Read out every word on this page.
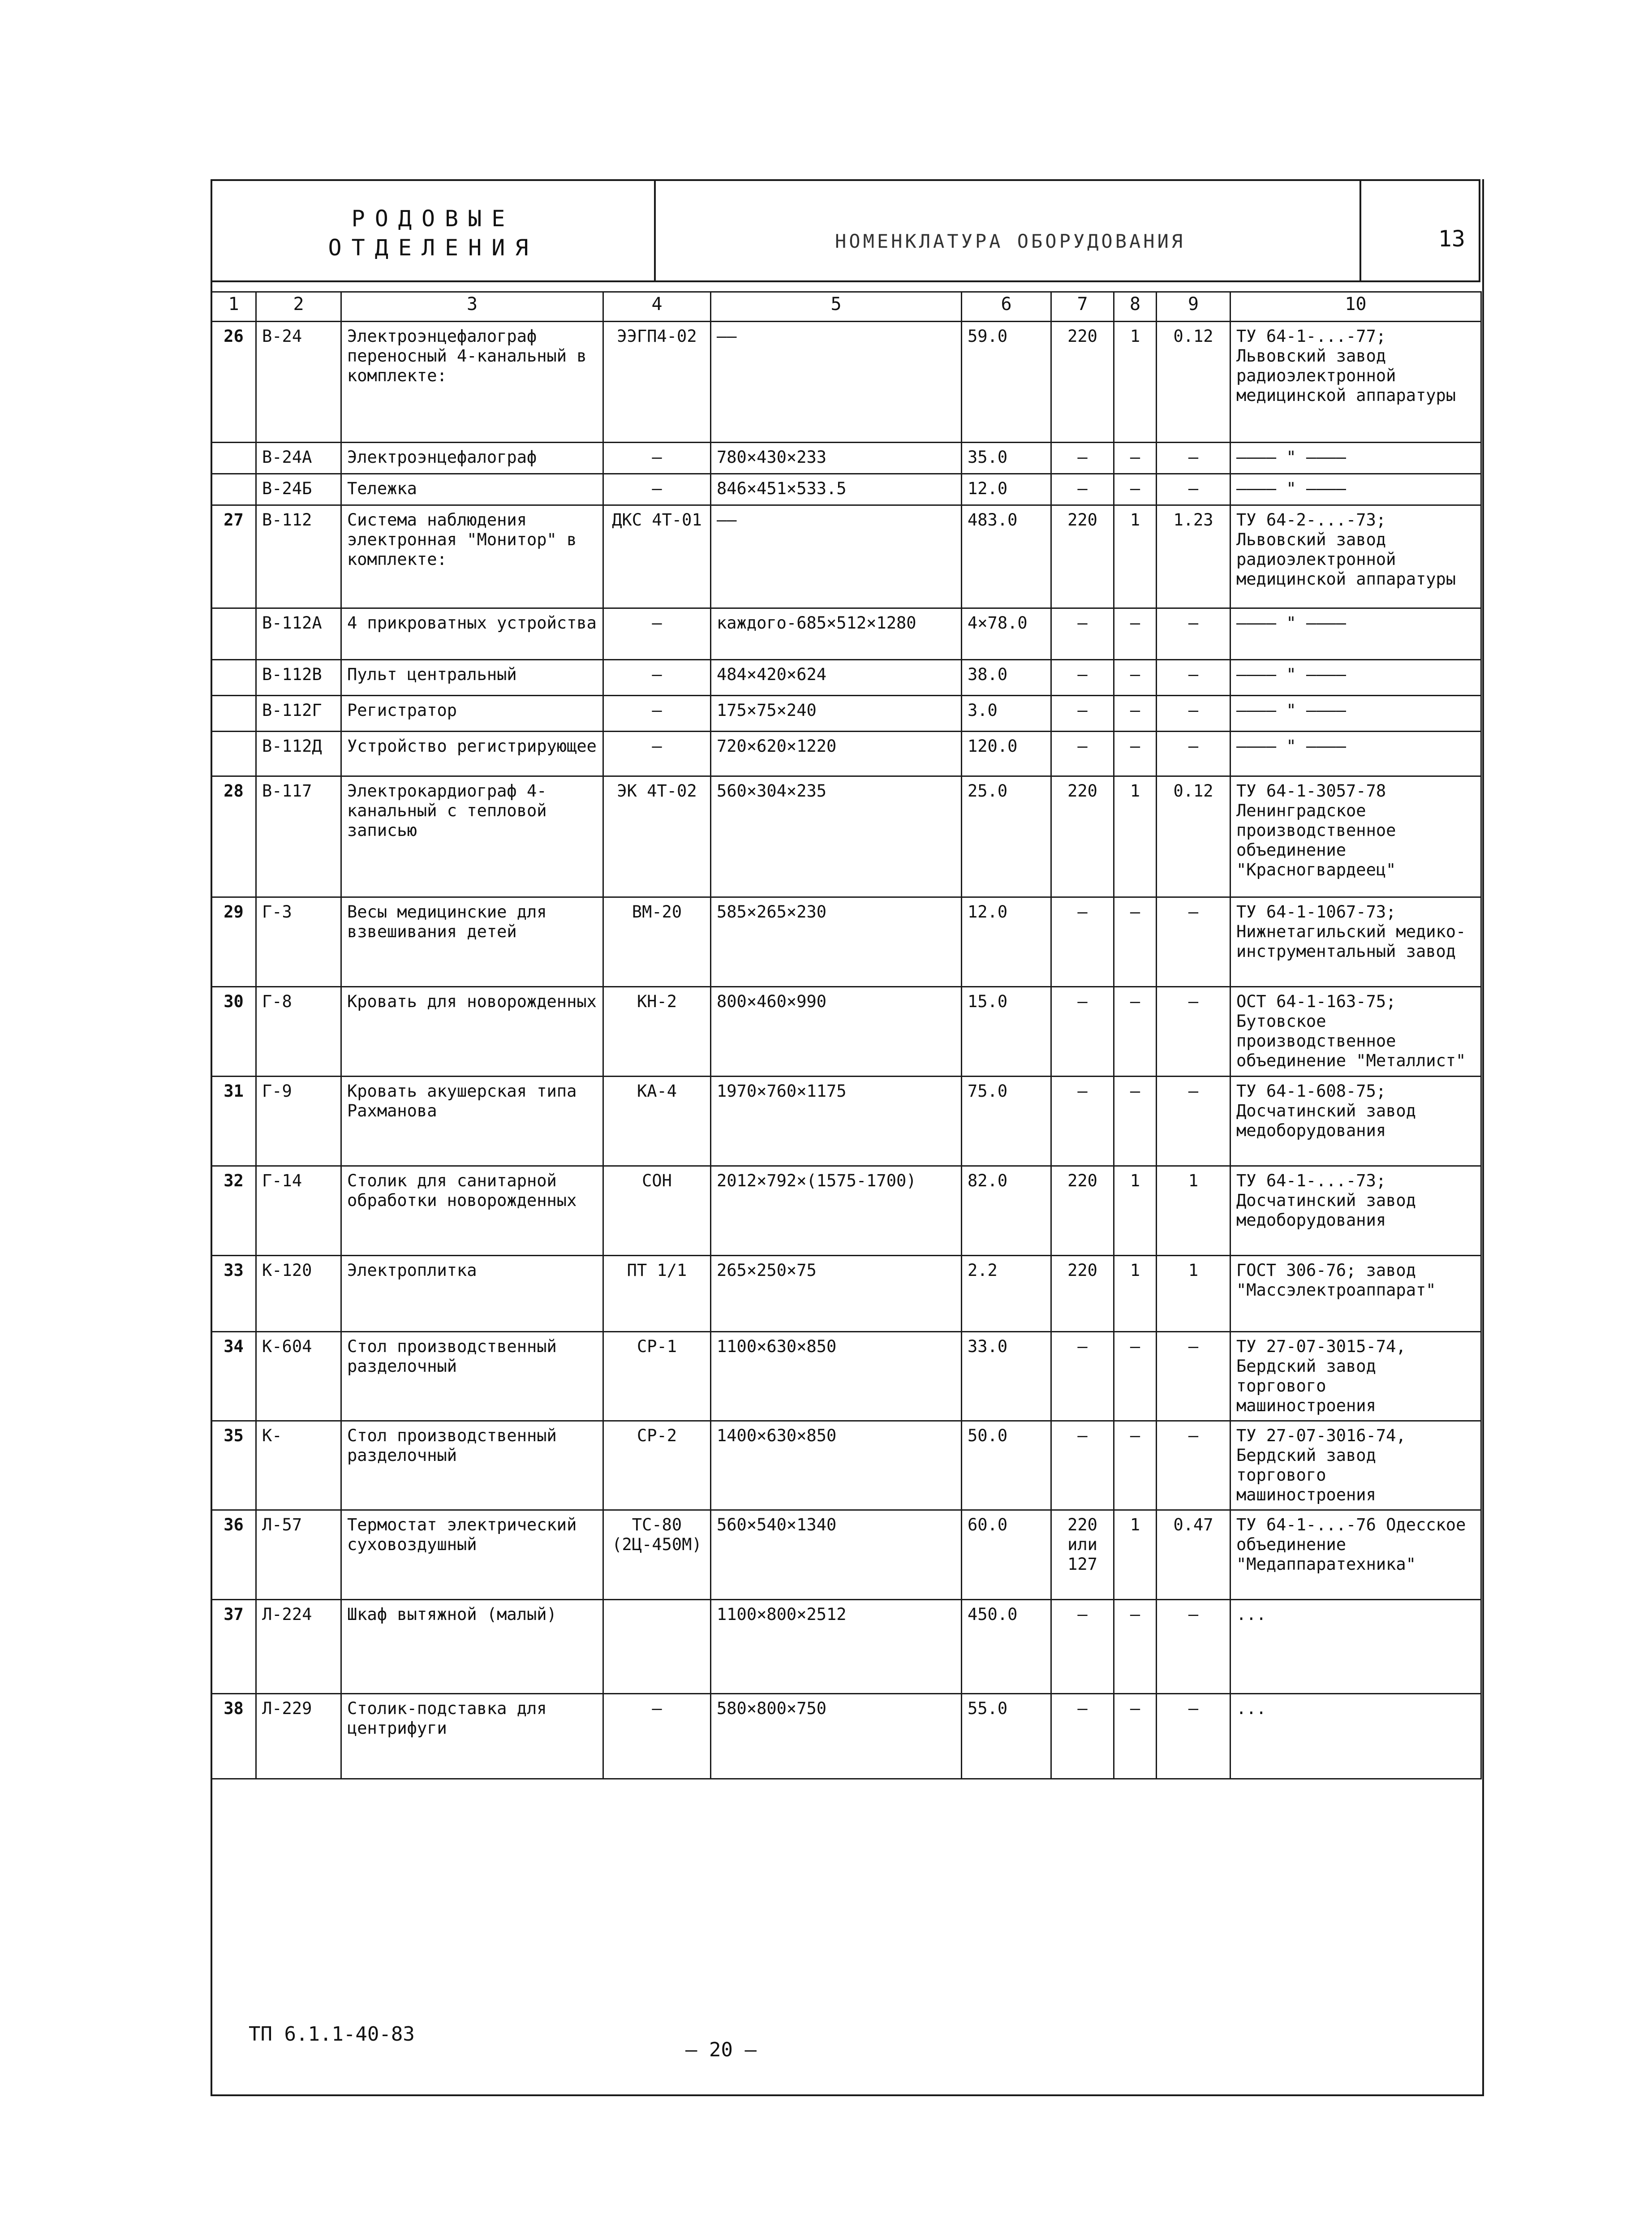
РОДОВЫЕ
ОТДЕЛЕНИЯ	НОМЕНКЛАТУРА ОБОРУДОВАНИЯ	13
1	2	3	4	5	6	7	8	9	10
26	В-24	Электроэнцефалограф переносный 4-канальный в комплекте:	ЭЭГП4-02	——	59.0	220	1	0.12	ТУ 64-1-...-77; Львовский завод радиоэлектронной медицинской аппаратуры
	В-24А	Электроэнцефалограф	—	780×430×233	35.0	—	—	—	———— " ————
	В-24Б	Тележка	—	846×451×533.5	12.0	—	—	—	———— " ————
27	В-112	Система наблюдения электронная "Монитор" в комплекте:	ДКС 4Т-01	——	483.0	220	1	1.23	ТУ 64-2-...-73; Львовский завод радиоэлектронной медицинской аппаратуры
	В-112А	4 прикроватных устройства	—	каждого-685×512×1280	4×78.0	—	—	—	———— " ————
	В-112В	Пульт центральный	—	484×420×624	38.0	—	—	—	———— " ————
	В-112Г	Регистратор	—	175×75×240	3.0	—	—	—	———— " ————
	В-112Д	Устройство регистрирующее	—	720×620×1220	120.0	—	—	—	———— " ————
28	В-117	Электрокардиограф 4-канальный с тепловой записью	ЭК 4Т-02	560×304×235	25.0	220	1	0.12	ТУ 64-1-3057-78 Ленинградское производственное объединение "Красногвардеец"
29	Г-3	Весы медицинские для взвешивания детей	ВМ-20	585×265×230	12.0	—	—	—	ТУ 64-1-1067-73; Нижнетагильский медико-инструментальный завод
30	Г-8	Кровать для новорожденных	КН-2	800×460×990	15.0	—	—	—	ОСТ 64-1-163-75; Бутовское производственное объединение "Металлист"
31	Г-9	Кровать акушерская типа Рахманова	КА-4	1970×760×1175	75.0	—	—	—	ТУ 64-1-608-75; Досчатинский завод медоборудования
32	Г-14	Столик для санитарной обработки новорожденных	СОН	2012×792×(1575-1700)	82.0	220	1	1	ТУ 64-1-...-73; Досчатинский завод медоборудования
33	К-120	Электроплитка	ПТ 1/1	265×250×75	2.2	220	1	1	ГОСТ 306-76; завод "Массэлектроаппарат"
34	К-604	Стол производственный разделочный	СР-1	1100×630×850	33.0	—	—	—	ТУ 27-07-3015-74, Бердский завод торгового машиностроения
35	К-	Стол производственный разделочный	СР-2	1400×630×850	50.0	—	—	—	ТУ 27-07-3016-74, Бердский завод торгового машиностроения
36	Л-57	Термостат электрический суховоздушный	ТС-80 (2Ц-450М)	560×540×1340	60.0	220 или 127	1	0.47	ТУ 64-1-...-76 Одесское объединение "Медаппаратехника"
37	Л-224	Шкаф вытяжной (малый)		1100×800×2512	450.0	—	—	—	...
38	Л-229	Столик-подставка для центрифуги	—	580×800×750	55.0	—	—	—	...
ТП 6.1.1-40-83
— 20 —
